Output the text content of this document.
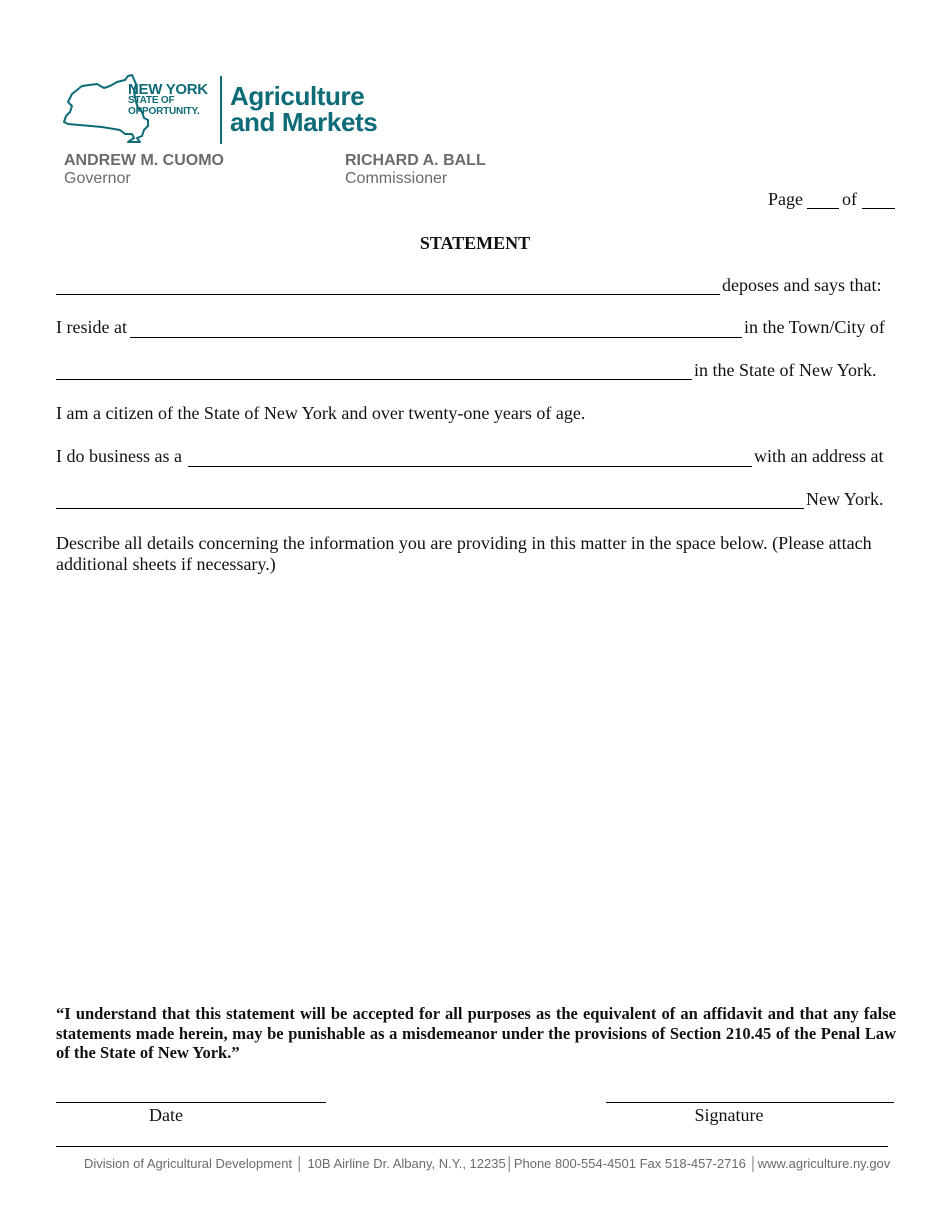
NEW YORK
STATE OF
OPPORTUNITY.
Agriculture
and Markets
ANDREW M. CUOMO
Governor
RICHARD A. BALL
Commissioner
Page of
STATEMENT
deposes and says that:
I reside at	in the Town/City of
in the State of New York.
I am a citizen of the State of New York and over twenty-one years of age.
I do business as a	with an address at
New York.
Describe all details concerning the information you are providing in this matter in the space below. (Please attach additional sheets if necessary.)
“I understand that this statement will be accepted for all purposes as the equivalent of an affidavit and that any false statements made herein, may be punishable as a misdemeanor under the provisions of Section 210.45 of the Penal Law of the State of New York.”
Date	Signature
Division of Agricultural Development │ 10B Airline Dr. Albany, N.Y., 12235│Phone 800-554-4501 Fax 518-457-2716 │www.agriculture.ny.gov
